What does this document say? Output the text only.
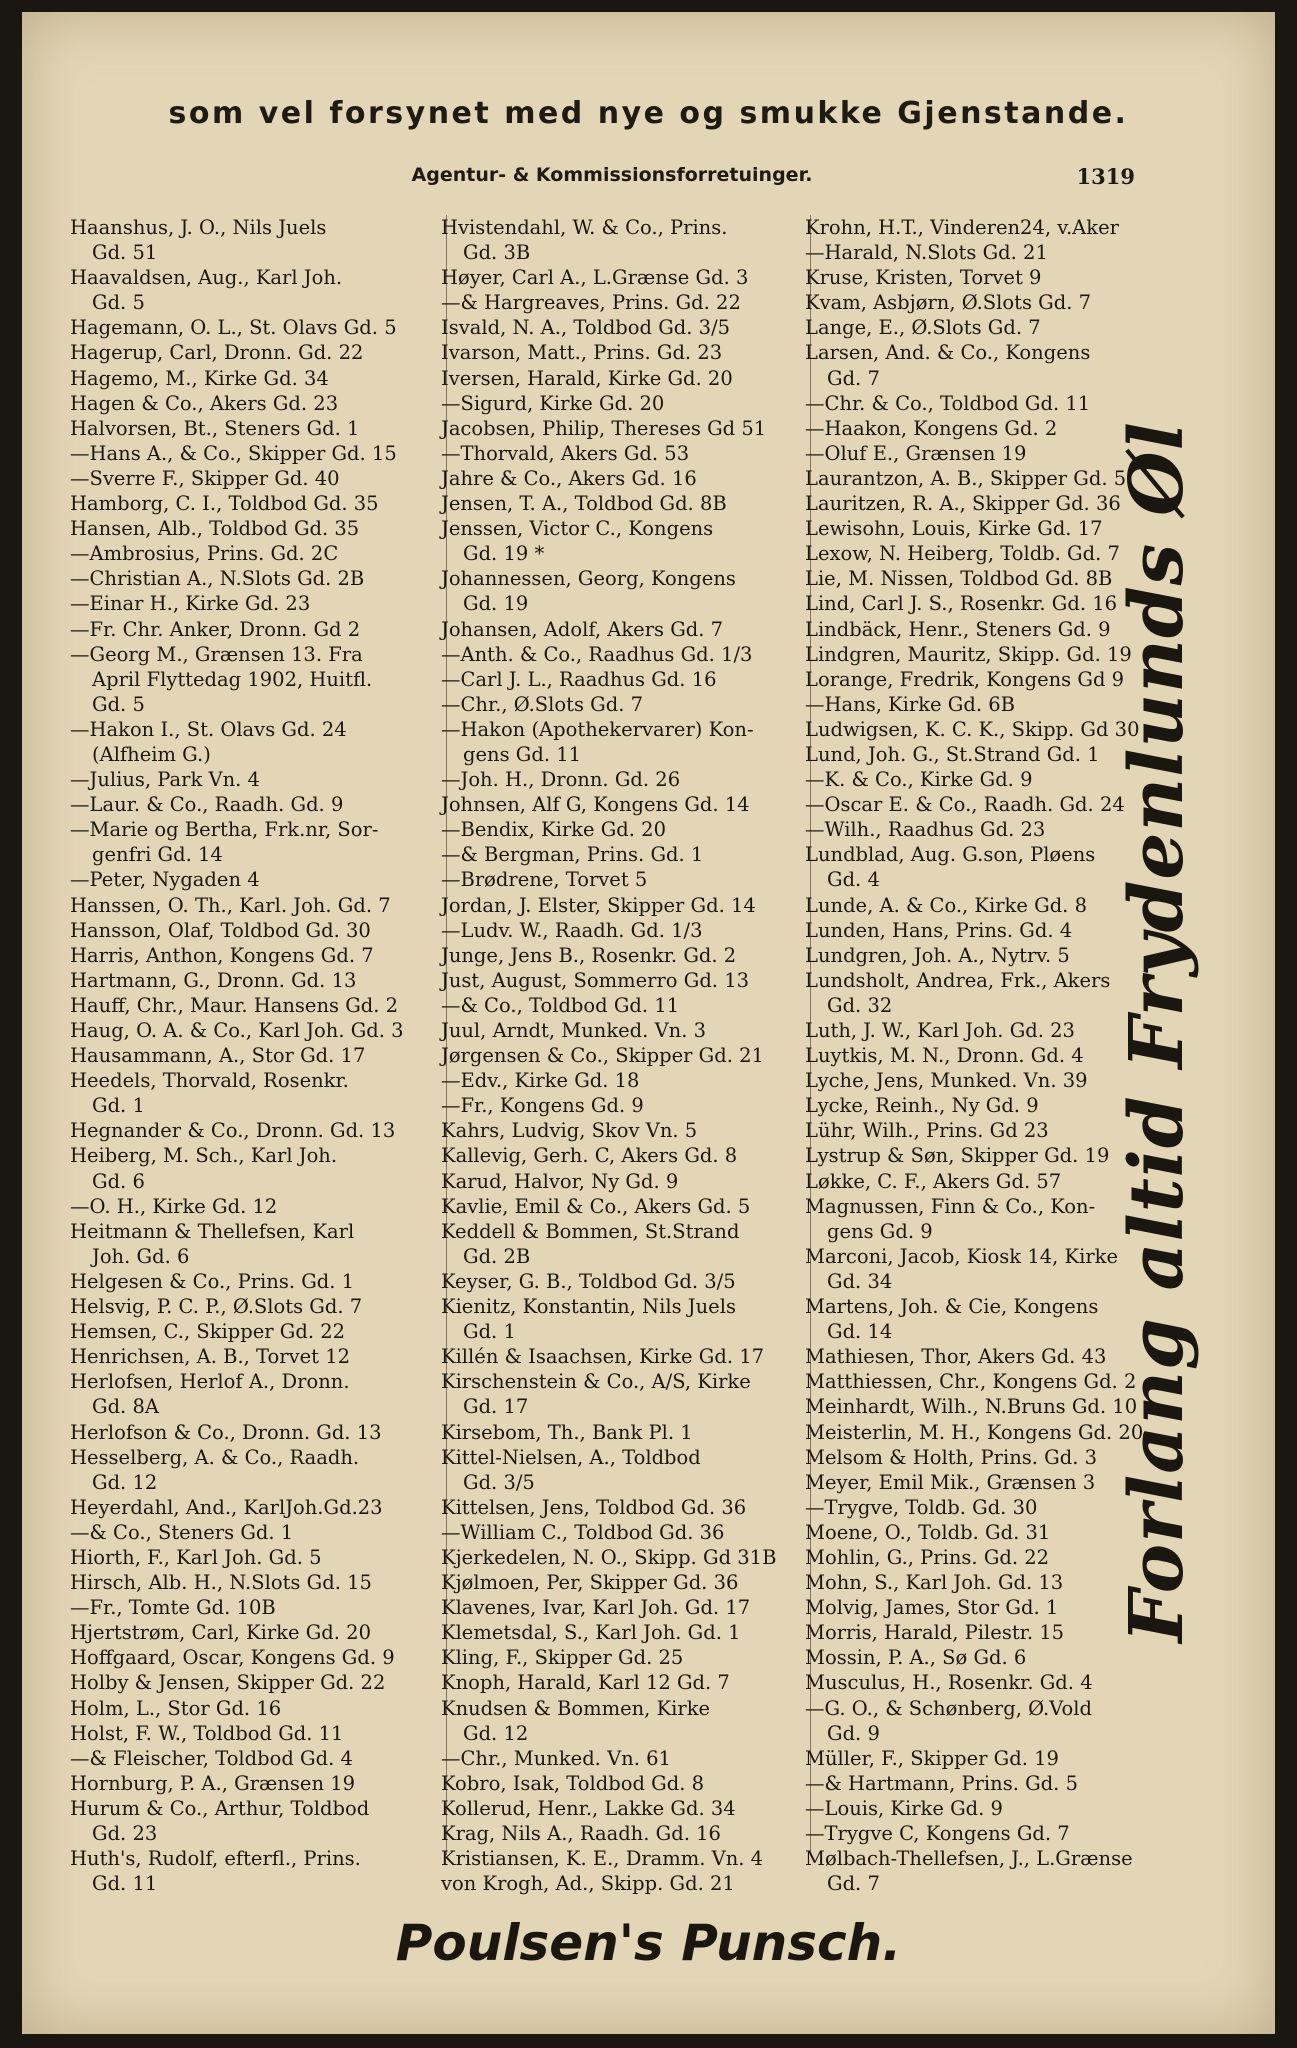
som vel forsynet med nye og smukke Gjenstande.
Agentur- & Kommissionsforretuinger.	1319
Haanshus, J. O., Nils Juels
Gd. 51
Haavaldsen, Aug., Karl Joh.
Gd. 5
Hagemann, O. L., St. Olavs Gd. 5
Hagerup, Carl, Dronn. Gd. 22
Hagemo, M., Kirke Gd. 34
Hagen & Co., Akers Gd. 23
Halvorsen, Bt., Steners Gd. 1
—Hans A., & Co., Skipper Gd. 15
—Sverre F., Skipper Gd. 40
Hamborg, C. I., Toldbod Gd. 35
Hansen, Alb., Toldbod Gd. 35
—Ambrosius, Prins. Gd. 2C
—Christian A., N.Slots Gd. 2B
—Einar H., Kirke Gd. 23
—Fr. Chr. Anker, Dronn. Gd 2
—Georg M., Grænsen 13. Fra
April Flyttedag 1902, Huitfl.
Gd. 5
—Hakon I., St. Olavs Gd. 24
(Alfheim G.)
—Julius, Park Vn. 4
—Laur. & Co., Raadh. Gd. 9
—Marie og Bertha, Frk.nr, Sor-
genfri Gd. 14
—Peter, Nygaden 4
Hanssen, O. Th., Karl. Joh. Gd. 7
Hansson, Olaf, Toldbod Gd. 30
Harris, Anthon, Kongens Gd. 7
Hartmann, G., Dronn. Gd. 13
Hauff, Chr., Maur. Hansens Gd. 2
Haug, O. A. & Co., Karl Joh. Gd. 3
Hausammann, A., Stor Gd. 17
Heedels, Thorvald, Rosenkr.
Gd. 1
Hegnander & Co., Dronn. Gd. 13
Heiberg, M. Sch., Karl Joh.
Gd. 6
—O. H., Kirke Gd. 12
Heitmann & Thellefsen, Karl
Joh. Gd. 6
Helgesen & Co., Prins. Gd. 1
Helsvig, P. C. P., Ø.Slots Gd. 7
Hemsen, C., Skipper Gd. 22
Henrichsen, A. B., Torvet 12
Herlofsen, Herlof A., Dronn.
Gd. 8A
Herlofson & Co., Dronn. Gd. 13
Hesselberg, A. & Co., Raadh.
Gd. 12
Heyerdahl, And., KarlJoh.Gd.23
—& Co., Steners Gd. 1
Hiorth, F., Karl Joh. Gd. 5
Hirsch, Alb. H., N.Slots Gd. 15
—Fr., Tomte Gd. 10B
Hjertstrøm, Carl, Kirke Gd. 20
Hoffgaard, Oscar, Kongens Gd. 9
Holby & Jensen, Skipper Gd. 22
Holm, L., Stor Gd. 16
Holst, F. W., Toldbod Gd. 11
—& Fleischer, Toldbod Gd. 4
Hornburg, P. A., Grænsen 19
Hurum & Co., Arthur, Toldbod
Gd. 23
Huth's, Rudolf, efterfl., Prins.
Gd. 11
Hvistendahl, W. & Co., Prins.
Gd. 3B
Høyer, Carl A., L.Grænse Gd. 3
—& Hargreaves, Prins. Gd. 22
Isvald, N. A., Toldbod Gd. 3/5
Ivarson, Matt., Prins. Gd. 23
Iversen, Harald, Kirke Gd. 20
—Sigurd, Kirke Gd. 20
Jacobsen, Philip, Thereses Gd 51
—Thorvald, Akers Gd. 53
Jahre & Co., Akers Gd. 16
Jensen, T. A., Toldbod Gd. 8B
Jenssen, Victor C., Kongens
Gd. 19 *
Johannessen, Georg, Kongens
Gd. 19
Johansen, Adolf, Akers Gd. 7
—Anth. & Co., Raadhus Gd. 1/3
—Carl J. L., Raadhus Gd. 16
—Chr., Ø.Slots Gd. 7
—Hakon (Apothekervarer) Kon-
gens Gd. 11
—Joh. H., Dronn. Gd. 26
Johnsen, Alf G, Kongens Gd. 14
—Bendix, Kirke Gd. 20
—& Bergman, Prins. Gd. 1
—Brødrene, Torvet 5
Jordan, J. Elster, Skipper Gd. 14
—Ludv. W., Raadh. Gd. 1/3
Junge, Jens B., Rosenkr. Gd. 2
Just, August, Sommerro Gd. 13
—& Co., Toldbod Gd. 11
Juul, Arndt, Munked. Vn. 3
Jørgensen & Co., Skipper Gd. 21
—Edv., Kirke Gd. 18
—Fr., Kongens Gd. 9
Kahrs, Ludvig, Skov Vn. 5
Kallevig, Gerh. C, Akers Gd. 8
Karud, Halvor, Ny Gd. 9
Kavlie, Emil & Co., Akers Gd. 5
Keddell & Bommen, St.Strand
Gd. 2B
Keyser, G. B., Toldbod Gd. 3/5
Kienitz, Konstantin, Nils Juels
Gd. 1
Killén & Isaachsen, Kirke Gd. 17
Kirschenstein & Co., A/S, Kirke
Gd. 17
Kirsebom, Th., Bank Pl. 1
Kittel-Nielsen, A., Toldbod
Gd. 3/5
Kittelsen, Jens, Toldbod Gd. 36
—William C., Toldbod Gd. 36
Kjerkedelen, N. O., Skipp. Gd 31B
Kjølmoen, Per, Skipper Gd. 36
Klavenes, Ivar, Karl Joh. Gd. 17
Klemetsdal, S., Karl Joh. Gd. 1
Kling, F., Skipper Gd. 25
Knoph, Harald, Karl 12 Gd. 7
Knudsen & Bommen, Kirke
Gd. 12
—Chr., Munked. Vn. 61
Kobro, Isak, Toldbod Gd. 8
Kollerud, Henr., Lakke Gd. 34
Krag, Nils A., Raadh. Gd. 16
Kristiansen, K. E., Dramm. Vn. 4
von Krogh, Ad., Skipp. Gd. 21
Krohn, H.T., Vinderen24, v.Aker
—Harald, N.Slots Gd. 21
Kruse, Kristen, Torvet 9
Kvam, Asbjørn, Ø.Slots Gd. 7
Lange, E., Ø.Slots Gd. 7
Larsen, And. & Co., Kongens
Gd. 7
—Chr. & Co., Toldbod Gd. 11
—Haakon, Kongens Gd. 2
—Oluf E., Grænsen 19
Laurantzon, A. B., Skipper Gd. 5
Lauritzen, R. A., Skipper Gd. 36
Lewisohn, Louis, Kirke Gd. 17
Lexow, N. Heiberg, Toldb. Gd. 7
Lie, M. Nissen, Toldbod Gd. 8B
Lind, Carl J. S., Rosenkr. Gd. 16
Lindbäck, Henr., Steners Gd. 9
Lindgren, Mauritz, Skipp. Gd. 19
Lorange, Fredrik, Kongens Gd 9
—Hans, Kirke Gd. 6B
Ludwigsen, K. C. K., Skipp. Gd 30
Lund, Joh. G., St.Strand Gd. 1
—K. & Co., Kirke Gd. 9
—Oscar E. & Co., Raadh. Gd. 24
—Wilh., Raadhus Gd. 23
Lundblad, Aug. G.son, Pløens
Gd. 4
Lunde, A. & Co., Kirke Gd. 8
Lunden, Hans, Prins. Gd. 4
Lundgren, Joh. A., Nytrv. 5
Lundsholt, Andrea, Frk., Akers
Gd. 32
Luth, J. W., Karl Joh. Gd. 23
Luytkis, M. N., Dronn. Gd. 4
Lyche, Jens, Munked. Vn. 39
Lycke, Reinh., Ny Gd. 9
Lühr, Wilh., Prins. Gd 23
Lystrup & Søn, Skipper Gd. 19
Løkke, C. F., Akers Gd. 57
Magnussen, Finn & Co., Kon-
gens Gd. 9
Marconi, Jacob, Kiosk 14, Kirke
Gd. 34
Martens, Joh. & Cie, Kongens
Gd. 14
Mathiesen, Thor, Akers Gd. 43
Matthiessen, Chr., Kongens Gd. 2
Meinhardt, Wilh., N.Bruns Gd. 10
Meisterlin, M. H., Kongens Gd. 20
Melsom & Holth, Prins. Gd. 3
Meyer, Emil Mik., Grænsen 3
—Trygve, Toldb. Gd. 30
Moene, O., Toldb. Gd. 31
Mohlin, G., Prins. Gd. 22
Mohn, S., Karl Joh. Gd. 13
Molvig, James, Stor Gd. 1
Morris, Harald, Pilestr. 15
Mossin, P. A., Sø Gd. 6
Musculus, H., Rosenkr. Gd. 4
—G. O., & Schønberg, Ø.Vold
Gd. 9
Müller, F., Skipper Gd. 19
—& Hartmann, Prins. Gd. 5
—Louis, Kirke Gd. 9
—Trygve C, Kongens Gd. 7
Mølbach-Thellefsen, J., L.Grænse
Gd. 7
Forlang altid Frydenlunds Øl
Poulsen's Punsch.
